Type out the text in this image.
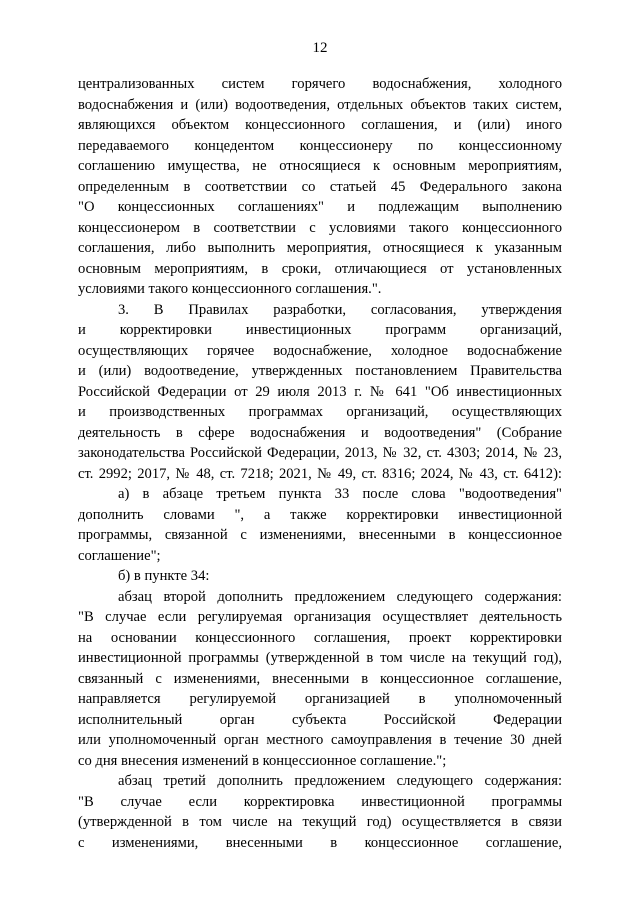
12
централизованных систем горячего водоснабжения, холодного
водоснабжения и (или) водоотведения, отдельных объектов таких систем,
являющихся объектом концессионного соглашения, и (или) иного
передаваемого концедентом концессионеру по концессионному
соглашению имущества, не относящиеся к основным мероприятиям,
определенным в соответствии со статьей 45 Федерального закона
"О концессионных соглашениях" и подлежащим выполнению
концессионером в соответствии с условиями такого концессионного
соглашения, либо выполнить мероприятия, относящиеся к указанным
основным мероприятиям, в сроки, отличающиеся от установленных
условиями такого концессионного соглашения.".
3. В Правилах разработки, согласования, утверждения
и корректировки инвестиционных программ организаций,
осуществляющих горячее водоснабжение, холодное водоснабжение
и (или) водоотведение, утвержденных постановлением Правительства
Российской Федерации от 29 июля 2013 г. № 641 "Об инвестиционных
и производственных программах организаций, осуществляющих
деятельность в сфере водоснабжения и водоотведения" (Собрание
законодательства Российской Федерации, 2013, № 32, ст. 4303; 2014, № 23,
ст. 2992; 2017, № 48, ст. 7218; 2021, № 49, ст. 8316; 2024, № 43, ст. 6412):
а) в абзаце третьем пункта 33 после слова "водоотведения"
дополнить словами ", а также корректировки инвестиционной
программы, связанной с изменениями, внесенными в концессионное
соглашение";
б) в пункте 34:
абзац второй дополнить предложением следующего содержания:
"В случае если регулируемая организация осуществляет деятельность
на основании концессионного соглашения, проект корректировки
инвестиционной программы (утвержденной в том числе на текущий год),
связанный с изменениями, внесенными в концессионное соглашение,
направляется регулируемой организацией в уполномоченный
исполнительный орган субъекта Российской Федерации
или уполномоченный орган местного самоуправления в течение 30 дней
со дня внесения изменений в концессионное соглашение.";
абзац третий дополнить предложением следующего содержания:
"В случае если корректировка инвестиционной программы
(утвержденной в том числе на текущий год) осуществляется в связи
с изменениями, внесенными в концессионное соглашение,
